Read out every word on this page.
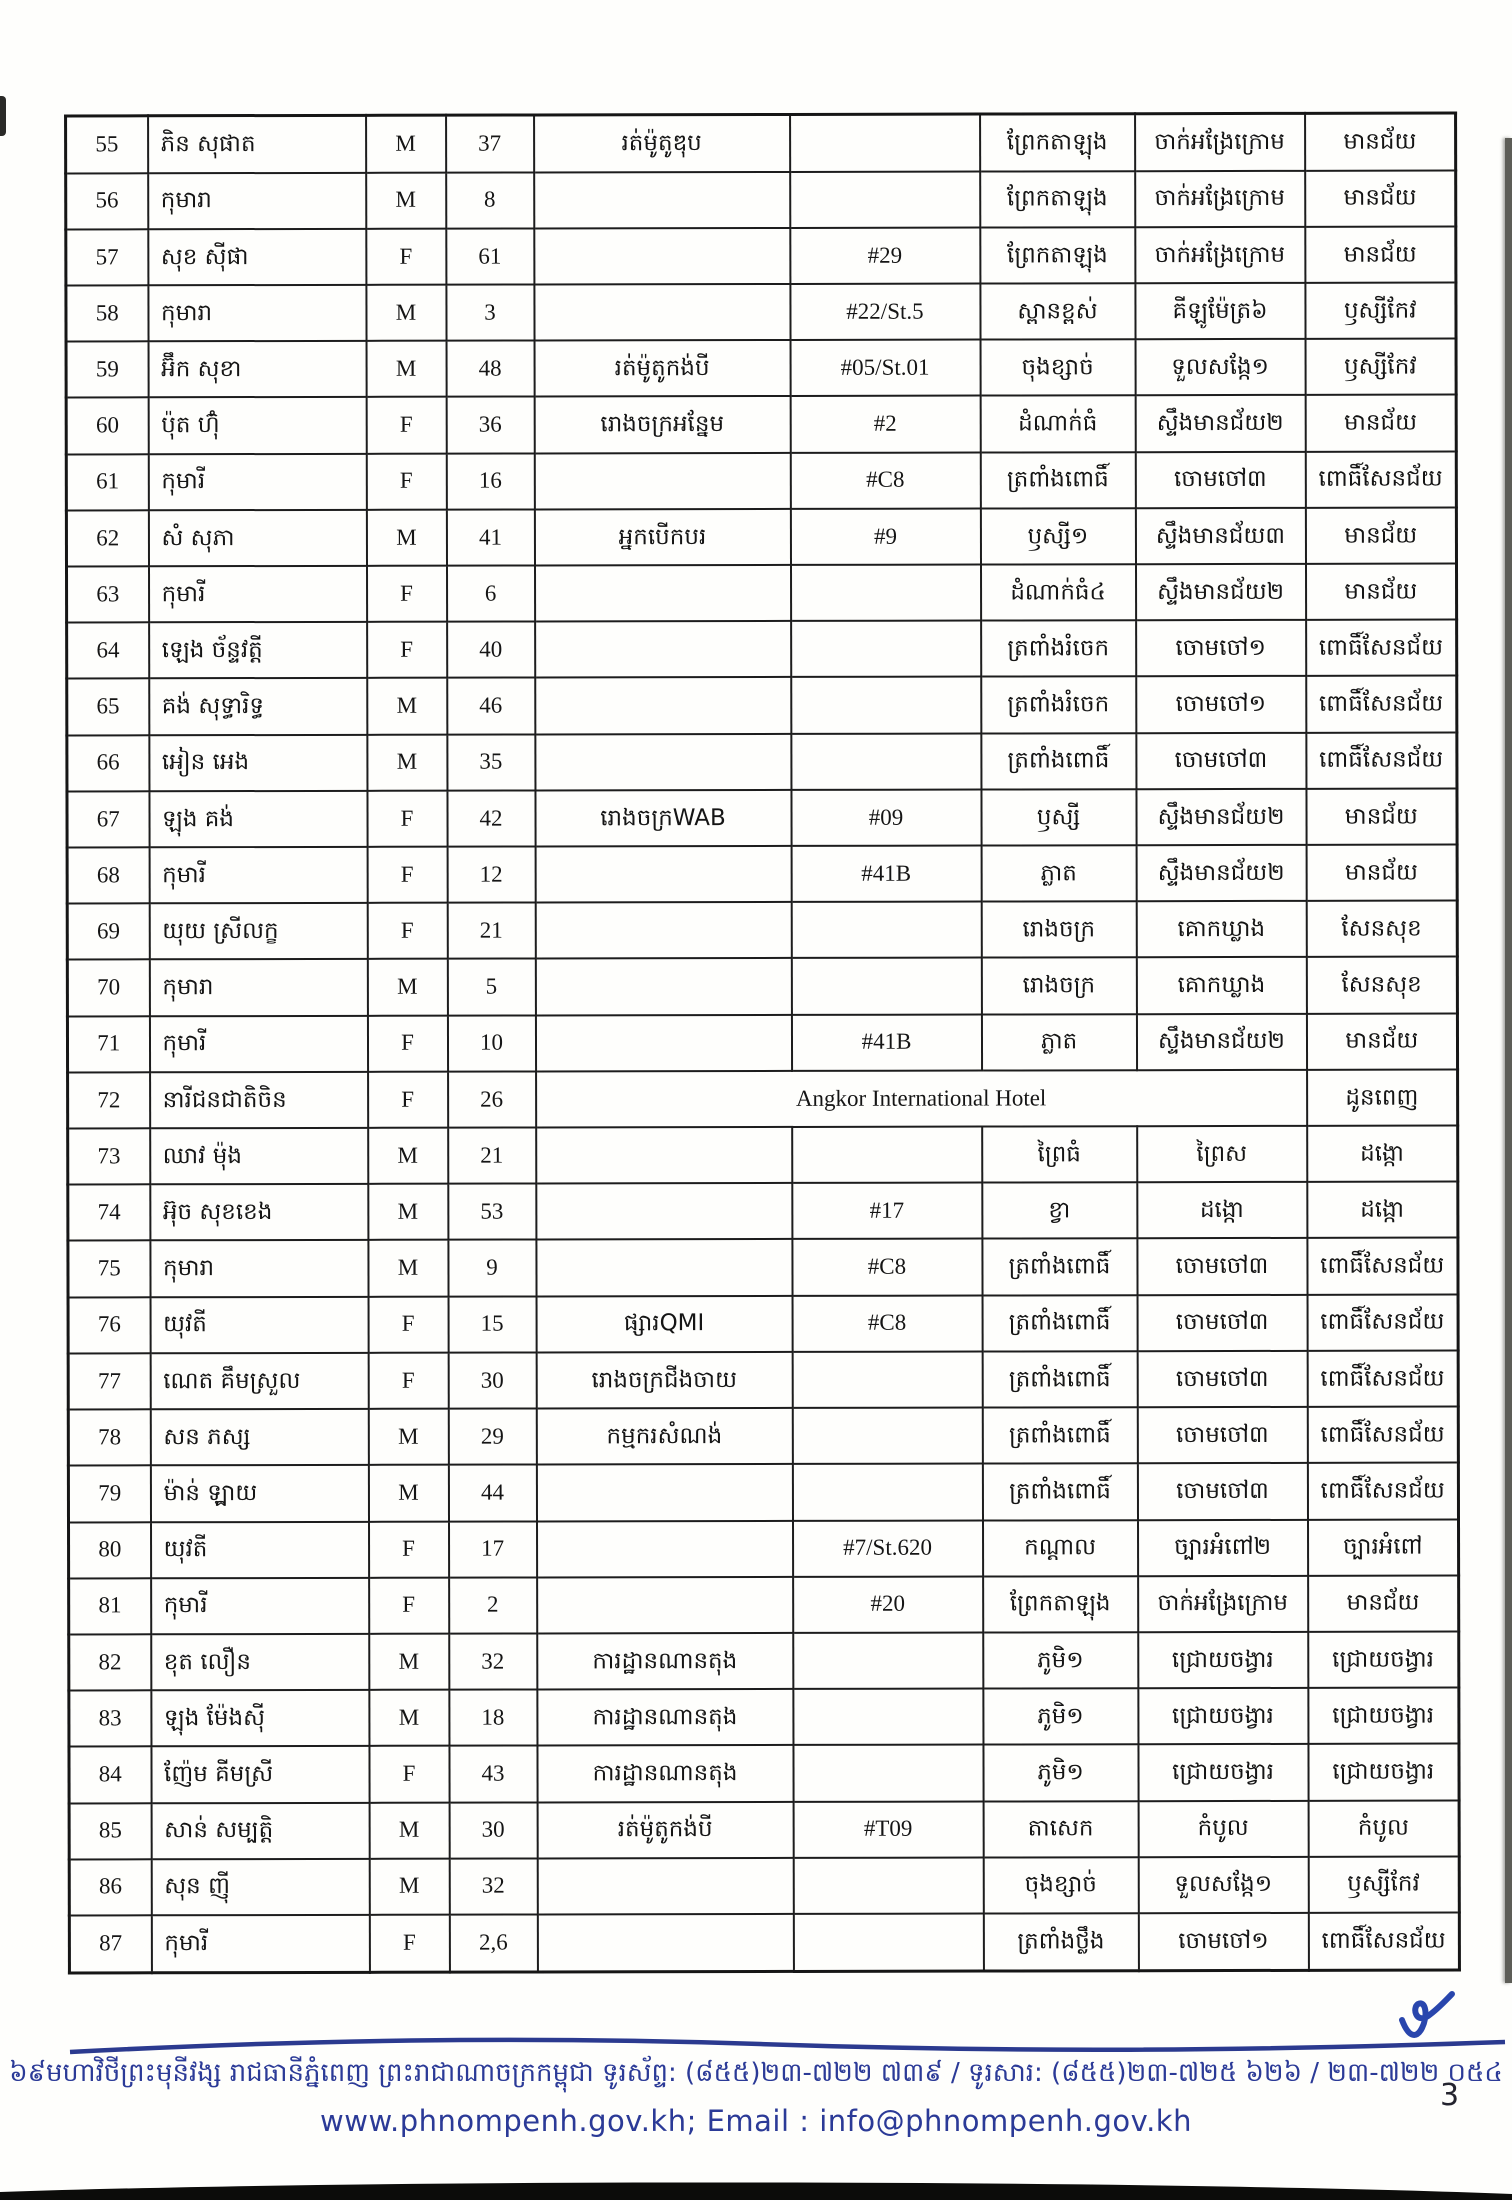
55	ភិន សុផាត	M	37	រត់ម៉ូតូឌុប		ព្រែកតាឡុង	ចាក់អង្រែក្រោម	មានជ័យ
56	កុមារា	M	8			ព្រែកតាឡុង	ចាក់អង្រែក្រោម	មានជ័យ
57	សុខ ស៊ីផា	F	61		#29	ព្រែកតាឡុង	ចាក់អង្រែក្រោម	មានជ័យ
58	កុមារា	M	3		#22/St.5	ស្ពានខ្ពស់	គីឡូម៉ែត្រ៦	ឫស្សីកែវ
59	អ៊ឹក សុខា	M	48	រត់ម៉ូតូកង់បី	#05/St.01	ចុងខ្សាច់	ទួលសង្កែ១	ឫស្សីកែវ
60	ប៉ុត ហ៊ុំ	F	36	រោងចក្រអន្នែម	#2	ដំណាក់ធំ	ស្ទឹងមានជ័យ២	មានជ័យ
61	កុមារី	F	16		#C8	ត្រពាំងពោធិ៍	ចោមចៅ៣	ពោធិ៍សែនជ័យ
62	សំ សុភា	M	41	អ្នកបើកបរ	#9	ឫស្សី១	ស្ទឹងមានជ័យ៣	មានជ័យ
63	កុមារី	F	6			ដំណាក់ធំ៤	ស្ទឹងមានជ័យ២	មានជ័យ
64	ឡេង ច័ន្ទវត្តី	F	40			ត្រពាំងរំចេក	ចោមចៅ១	ពោធិ៍សែនជ័យ
65	គង់ សុទ្ធារិទ្ធ	M	46			ត្រពាំងរំចេក	ចោមចៅ១	ពោធិ៍សែនជ័យ
66	អៀន អេង	M	35			ត្រពាំងពោធិ៍	ចោមចៅ៣	ពោធិ៍សែនជ័យ
67	ឡុង គង់	F	42	រោងចក្រWAB	#09	ឫស្សី	ស្ទឹងមានជ័យ២	មានជ័យ
68	កុមារី	F	12		#41B	ភ្លាត	ស្ទឹងមានជ័យ២	មានជ័យ
69	យុយ ស្រីលក្ខ	F	21			រោងចក្រ	គោកឃ្លាង	សែនសុខ
70	កុមារា	M	5			រោងចក្រ	គោកឃ្លាង	សែនសុខ
71	កុមារី	F	10		#41B	ភ្លាត	ស្ទឹងមានជ័យ២	មានជ័យ
72	នារីជនជាតិចិន	F	26	Angkor International Hotel				ដូនពេញ
73	ឈាវ ម៉ុង	M	21			ព្រៃធំ	ព្រៃស	ដង្កោ
74	អ៊ុច សុខខេង	M	53		#17	ខ្វា	ដង្កោ	ដង្កោ
75	កុមារា	M	9		#C8	ត្រពាំងពោធិ៍	ចោមចៅ៣	ពោធិ៍សែនជ័យ
76	យុវតី	F	15	ផ្សារQMI	#C8	ត្រពាំងពោធិ៍	ចោមចៅ៣	ពោធិ៍សែនជ័យ
77	ណេត គឹមស្រួល	F	30	រោងចក្រជីងចាយ		ត្រពាំងពោធិ៍	ចោមចៅ៣	ពោធិ៍សែនជ័យ
78	សន ភស្ស	M	29	កម្មករសំណង់		ត្រពាំងពោធិ៍	ចោមចៅ៣	ពោធិ៍សែនជ័យ
79	ម៉ាន់ ឡ្កាយ	M	44			ត្រពាំងពោធិ៍	ចោមចៅ៣	ពោធិ៍សែនជ័យ
80	យុវតី	F	17		#7/St.620	កណ្តាល	ច្បារអំពៅ២	ច្បារអំពៅ
81	កុមារី	F	2		#20	ព្រែកតាឡុង	ចាក់អង្រែក្រោម	មានជ័យ
82	ខុត លឿន	M	32	ការដ្ឋានណានតុង		ភូមិ១	ជ្រោយចង្វារ	ជ្រោយចង្វារ
83	ឡុង ម៉ែងស៊ី	M	18	ការដ្ឋានណានតុង		ភូមិ១	ជ្រោយចង្វារ	ជ្រោយចង្វារ
84	ញ៉ែម គីមស្រី	F	43	ការដ្ឋានណានតុង		ភូមិ១	ជ្រោយចង្វារ	ជ្រោយចង្វារ
85	សាន់ សម្បត្តិ	M	30	រត់ម៉ូតូកង់បី	#T09	តាសេក	កំបូល	កំបូល
86	សុន ញ៉ី	M	32			ចុងខ្សាច់	ទួលសង្កែ១	ឫស្សីកែវ
87	កុមារី	F	2,6			ត្រពាំងថ្លឹង	ចោមចៅ១	ពោធិ៍សែនជ័យ
៦៩មហាវិថីព្រះមុនីវង្ស រាជធានីភ្នំពេញ ព្រះរាជាណាចក្រកម្ពុជា ទូរស័ព្ទ: (៨៥៥)២៣-៧២២ ៧៣៩ / ទូរសារ: (៨៥៥)២៣-៧២៥ ៦២៦ / ២៣-៧២២ ០៥៤
www.phnompenh.gov.kh; Email : info@phnompenh.gov.kh
3
